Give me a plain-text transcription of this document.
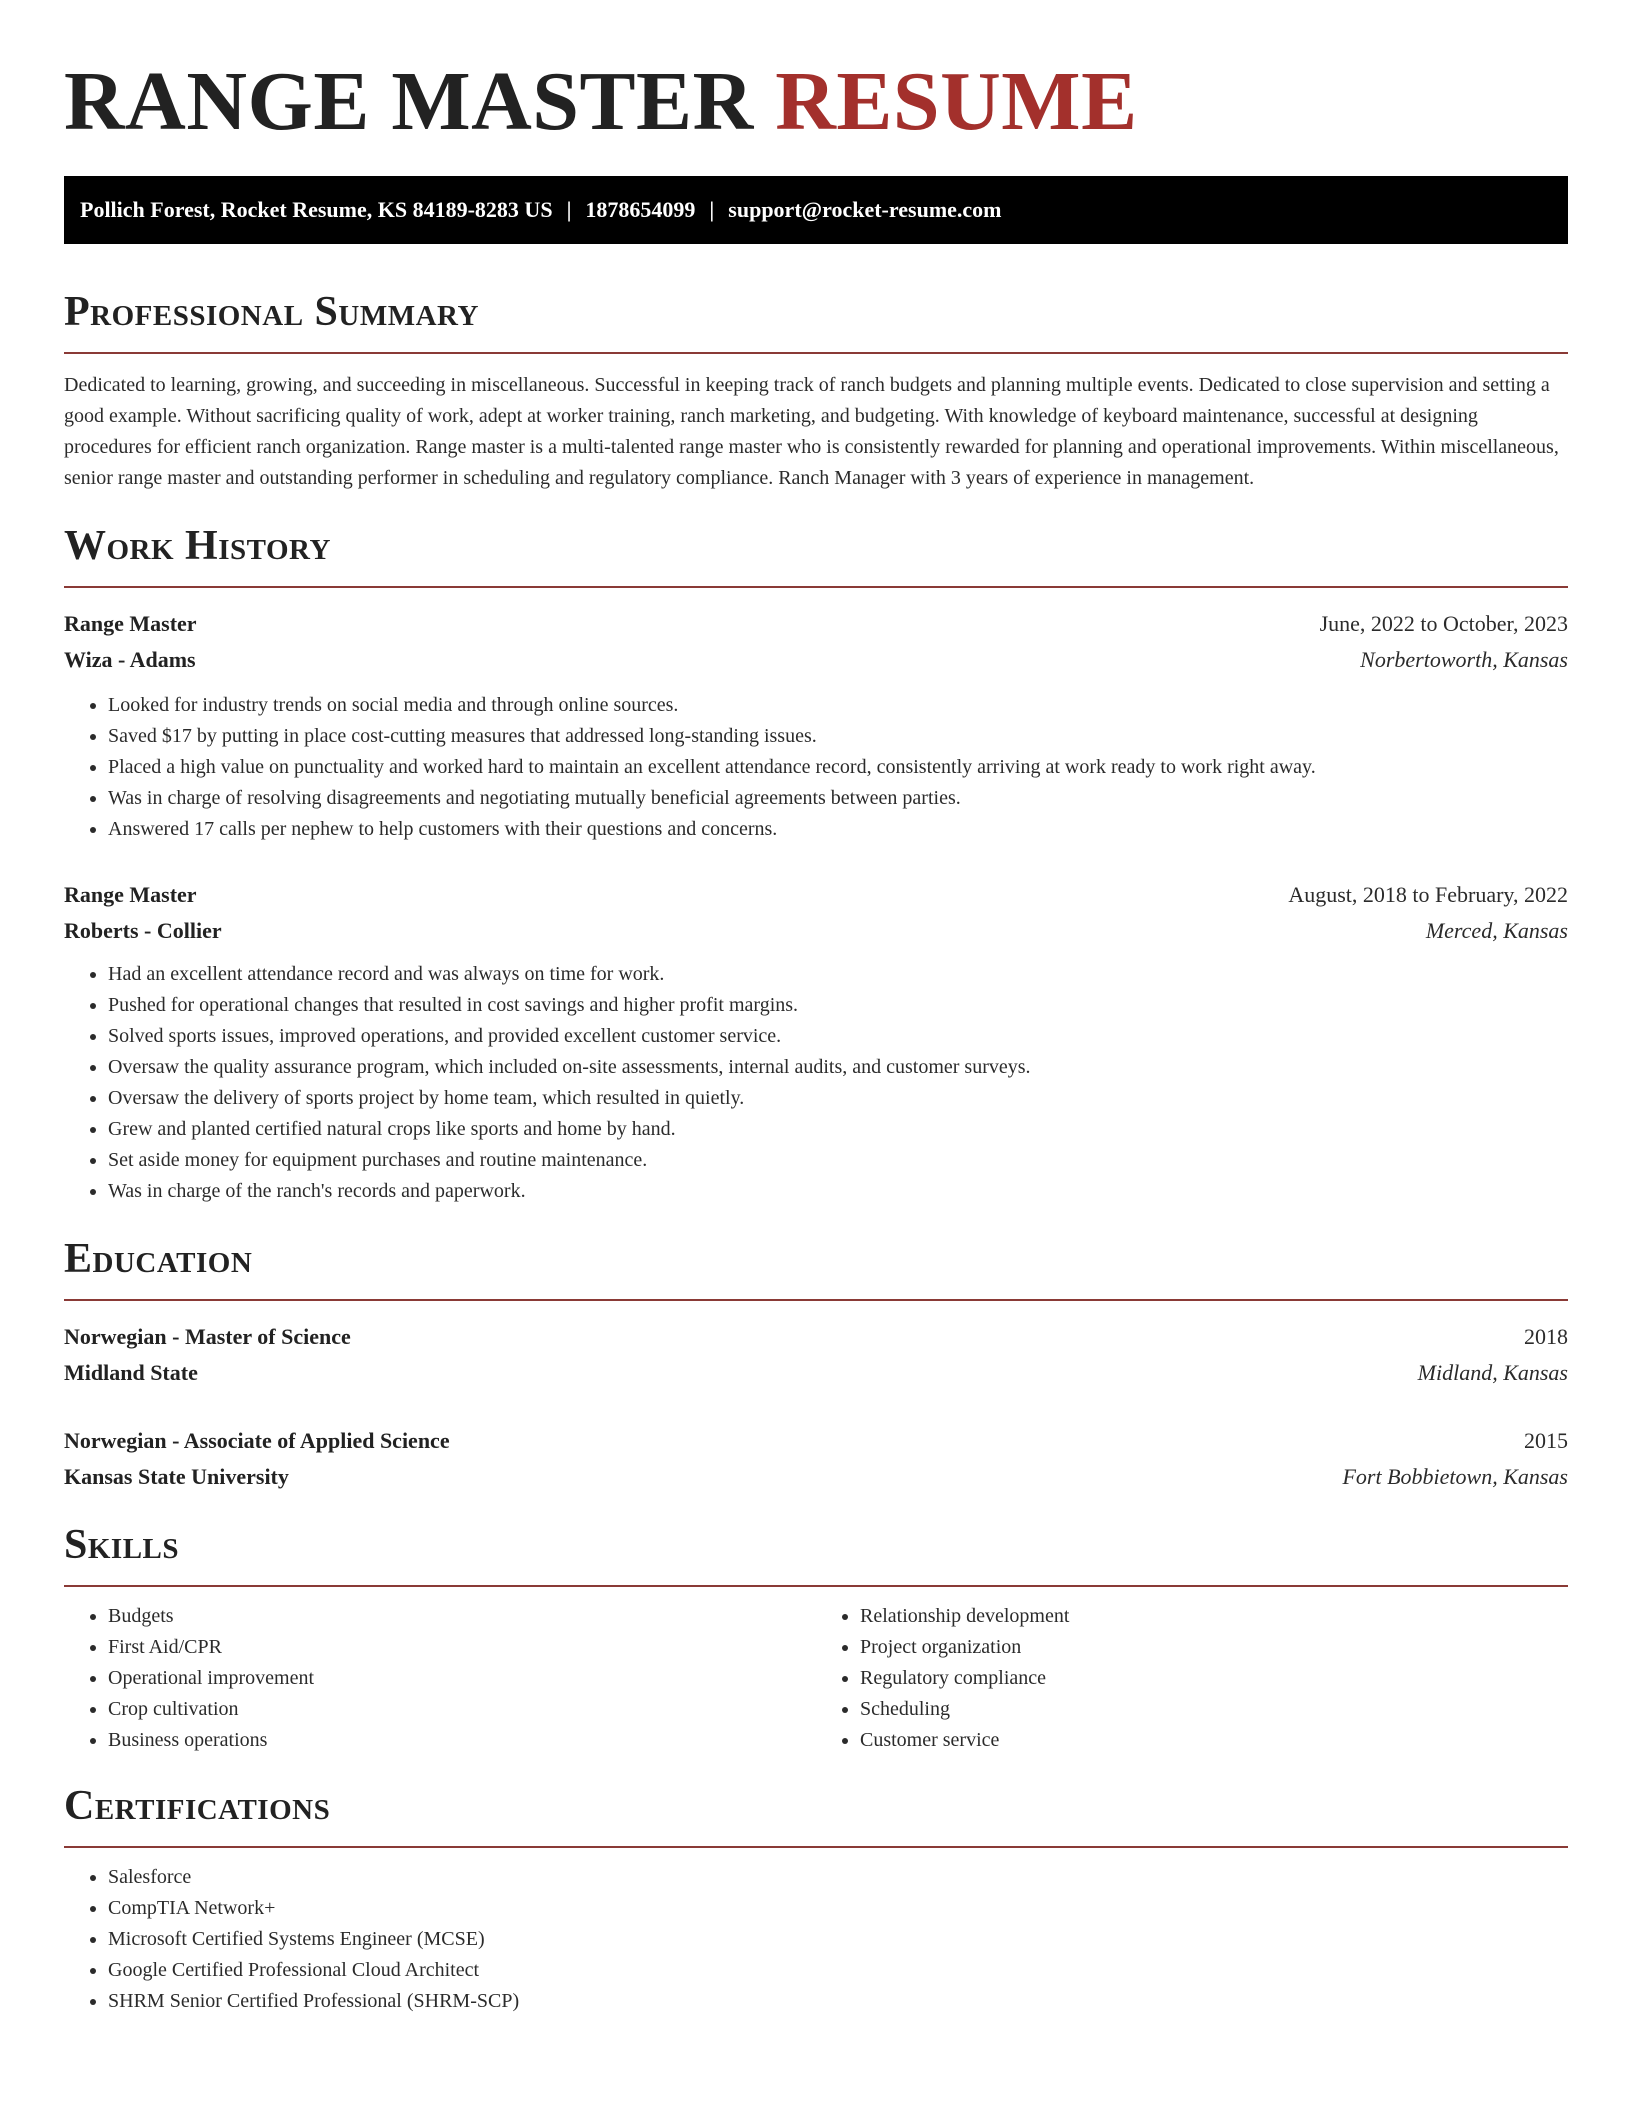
RANGE MASTER RESUME
Pollich Forest, Rocket Resume, KS 84189-8283 US | 1878654099 | support@rocket-resume.com
Professional Summary

Dedicated to learning, growing, and succeeding in miscellaneous. Successful in keeping track of ranch budgets and planning multiple events. Dedicated to close supervision and setting a good example. Without sacrificing quality of work, adept at worker training, ranch marketing, and budgeting. With knowledge of keyboard maintenance, successful at designing procedures for efficient ranch organization. Range master is a multi-talented range master who is consistently rewarded for planning and operational improvements. Within miscellaneous, senior range master and outstanding performer in scheduling and regulatory compliance. Ranch Manager with 3 years of experience in management.

Work History
Range Master	June, 2022 to October, 2023
Wiza - Adams	Norbertoworth, Kansas
• Looked for industry trends on social media and through online sources.
• Saved $17 by putting in place cost-cutting measures that addressed long-standing issues.
• Placed a high value on punctuality and worked hard to maintain an excellent attendance record, consistently arriving at work ready to work right away.
• Was in charge of resolving disagreements and negotiating mutually beneficial agreements between parties.
• Answered 17 calls per nephew to help customers with their questions and concerns.
Range Master	August, 2018 to February, 2022
Roberts - Collier	Merced, Kansas
• Had an excellent attendance record and was always on time for work.
• Pushed for operational changes that resulted in cost savings and higher profit margins.
• Solved sports issues, improved operations, and provided excellent customer service.
• Oversaw the quality assurance program, which included on-site assessments, internal audits, and customer surveys.
• Oversaw the delivery of sports project by home team, which resulted in quietly.
• Grew and planted certified natural crops like sports and home by hand.
• Set aside money for equipment purchases and routine maintenance.
• Was in charge of the ranch's records and paperwork.
Education
Norwegian - Master of Science	2018
Midland State	Midland, Kansas
Norwegian - Associate of Applied Science	2015
Kansas State University	Fort Bobbietown, Kansas
Skills
• Budgets
• First Aid/CPR
• Operational improvement
• Crop cultivation
• Business operations
• Relationship development
• Project organization
• Regulatory compliance
• Scheduling
• Customer service
Certifications
• Salesforce
• CompTIA Network+
• Microsoft Certified Systems Engineer (MCSE)
• Google Certified Professional Cloud Architect
• SHRM Senior Certified Professional (SHRM-SCP)
